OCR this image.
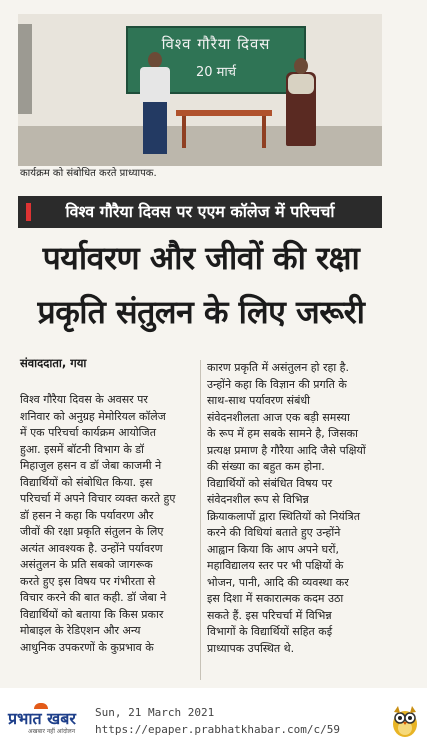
विश्व गौरैया दिवस
20 मार्च
कार्यक्रम को संबोधित करते प्राध्यापक.
विश्व गौरैया दिवस पर एएम कॉलेज में परिचर्चा
पर्यावरण और जीवों की रक्षा
प्रकृति संतुलन के लिए जरूरी
संवाददाता, गया
विश्व गौरैया दिवस के अवसर पर
शनिवार को अनुग्रह मेमोरियल कॉलेज
में एक परिचर्चा कार्यक्रम आयोजित
हुआ. इसमें बॉटनी विभाग के डॉ
मिहाजुल हसन व डॉ जेबा काजमी ने
विद्यार्थियों को संबोधित किया. इस
परिचर्चा में अपने विचार व्यक्त करते हुए
डॉ हसन ने कहा कि पर्यावरण और
जीवों की रक्षा प्रकृति संतुलन के लिए
अत्यंत आवश्यक है. उन्होंने पर्यावरण
असंतुलन के प्रति सबको जागरूक
करते हुए इस विषय पर गंभीरता से
विचार करने की बात कही. डॉ जेबा ने
विद्यार्थियों को बताया कि किस प्रकार
मोबाइल के रेडिएशन और अन्य
आधुनिक उपकरणों के कुप्रभाव के
कारण प्रकृति में असंतुलन हो रहा है.
उन्होंने कहा कि विज्ञान की प्रगति के
साथ-साथ पर्यावरण संबंधी
संवेदनशीलता आज एक बड़ी समस्या
के रूप में हम सबके सामने है, जिसका
प्रत्यक्ष प्रमाण है गौरैया आदि जैसे पक्षियों
की संख्या का बहुत कम होना.
विद्यार्थियों को संबंधित विषय पर
संवेदनशील रूप से विभिन्न
क्रियाकलापों द्वारा स्थितियों को नियंत्रित
करने की विधियां बताते हुए उन्होंने
आह्वान किया कि आप अपने घरों,
महाविद्यालय स्तर पर भी पक्षियों के
भोजन, पानी, आदि की व्यवस्था कर
इस दिशा में सकारात्मक कदम उठा
सकते हैं. इस परिचर्चा में विभिन्न
विभागों के विद्यार्थियों सहित कई
प्राध्यापक उपस्थित थे.
प्रभात खबर
अखबार नहीं आंदोलन
Sun, 21 March 2021
https://epaper.prabhatkhabar.com/c/59
